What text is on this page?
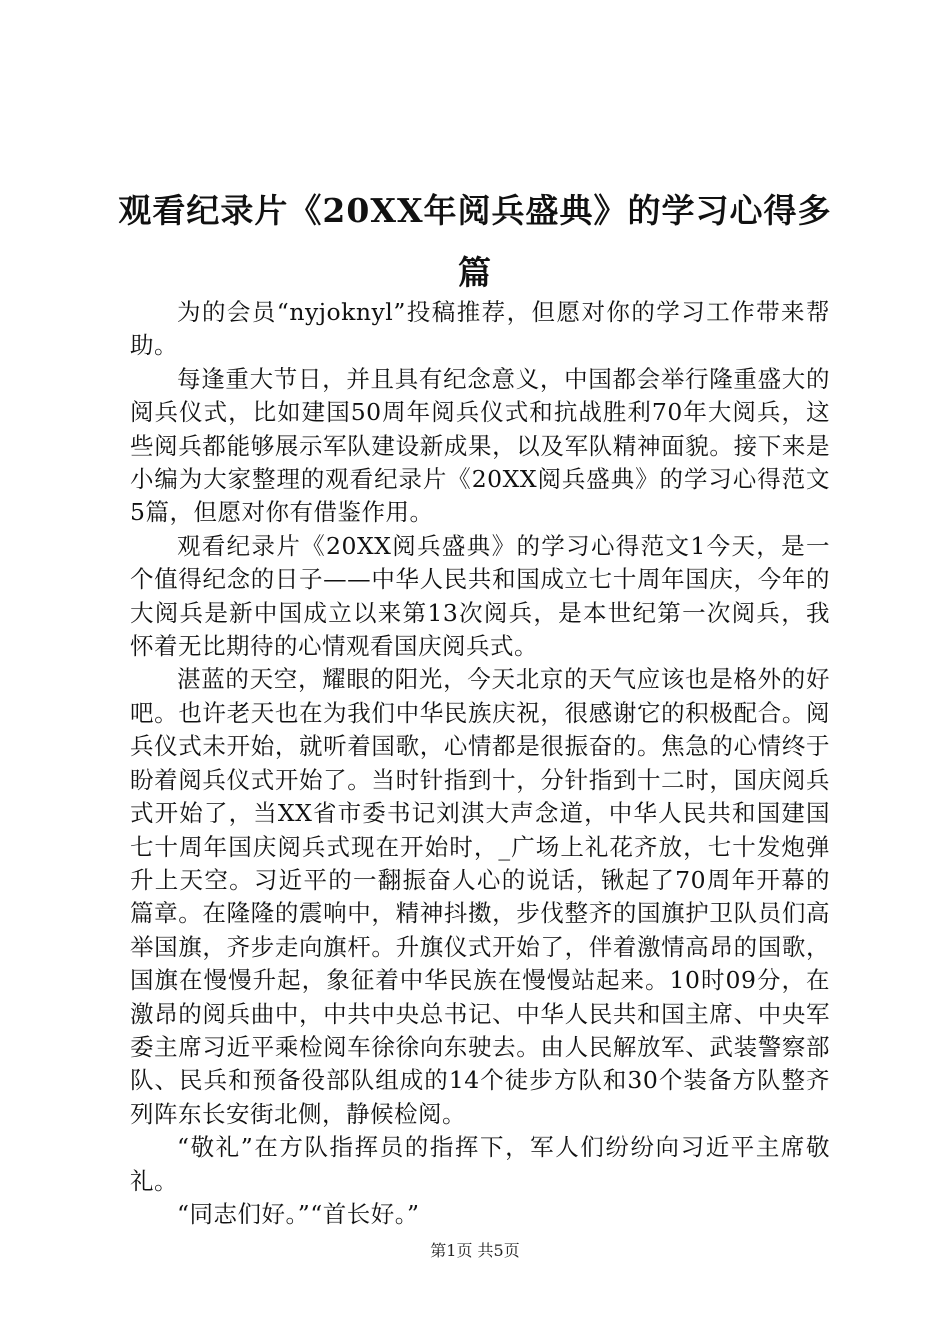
观看纪录片《20XX年阅兵盛典》的学习心得多篇

为的会员“nyjoknyl”投稿推荐，但愿对你的学习工作带来帮助。

每逢重大节日，并且具有纪念意义，中国都会举行隆重盛大的阅兵仪式，比如建国50周年阅兵仪式和抗战胜利70年大阅兵，这些阅兵都能够展示军队建设新成果，以及军队精神面貌。接下来是小编为大家整理的观看纪录片《20XX阅兵盛典》的学习心得范文5篇，但愿对你有借鉴作用。

观看纪录片《20XX阅兵盛典》的学习心得范文1今天，是一个值得纪念的日子——中华人民共和国成立七十周年国庆，今年的大阅兵是新中国成立以来第13次阅兵，是本世纪第一次阅兵，我怀着无比期待的心情观看国庆阅兵式。

湛蓝的天空，耀眼的阳光，今天北京的天气应该也是格外的好吧。也许老天也在为我们中华民族庆祝，很感谢它的积极配合。阅兵仪式未开始，就听着国歌，心情都是很振奋的。焦急的心情终于盼着阅兵仪式开始了。当时针指到十，分针指到十二时，国庆阅兵式开始了，当XX省市委书记刘淇大声念道，中华人民共和国建国七十周年国庆阅兵式现在开始时，_广场上礼花齐放，七十发炮弹升上天空。习近平的一翻振奋人心的说话，锹起了70周年开幕的篇章。在隆隆的震响中，精神抖擞，步伐整齐的国旗护卫队员们高举国旗，齐步走向旗杆。升旗仪式开始了，伴着激情高昂的国歌，国旗在慢慢升起，象征着中华民族在慢慢站起来。10时09分，在激昂的阅兵曲中，中共中央总书记、中华人民共和国主席、中央军委主席习近平乘检阅车徐徐向东驶去。由人民解放军、武装警察部队、民兵和预备役部队组成的14个徒步方队和30个装备方队整齐列阵东长安街北侧，静候检阅。

“敬礼”在方队指挥员的指挥下，军人们纷纷向习近平主席敬礼。

“同志们好。”“首长好。”

第1页 共5页
